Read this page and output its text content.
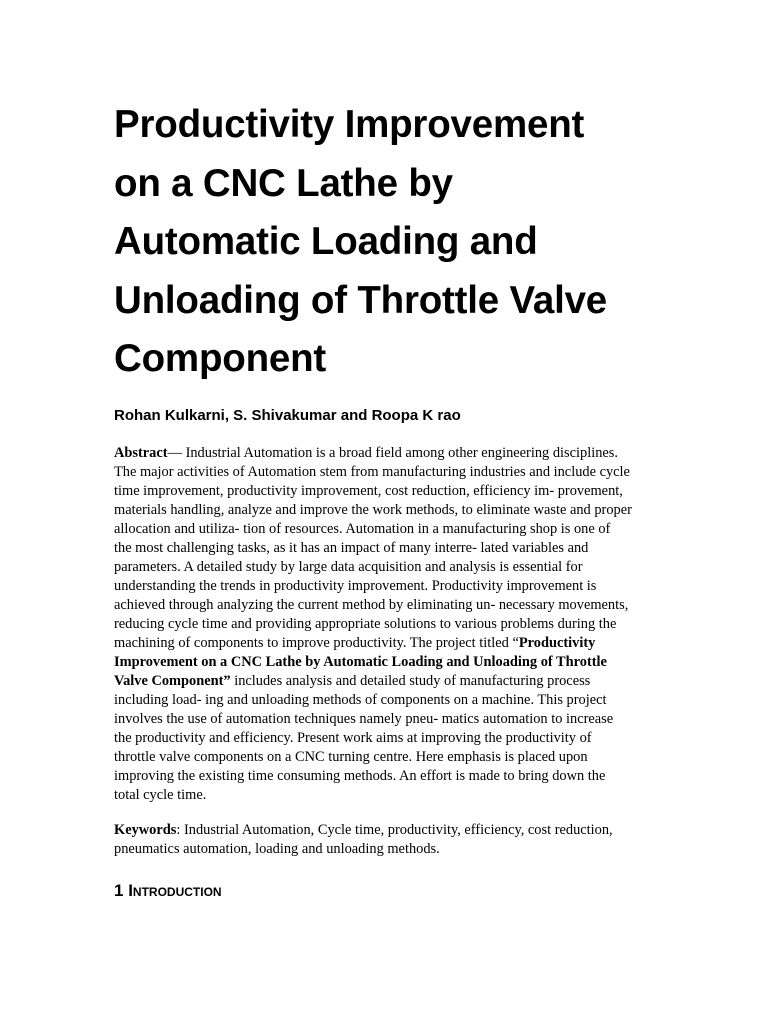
Productivity Improvement
on a CNC Lathe by
Automatic Loading and
Unloading of Throttle Valve
Component

Rohan Kulkarni, S. Shivakumar and Roopa K rao

Abstract— Industrial Automation is a broad field among other engineering disciplines.
The major activities of Automation stem from manufacturing industries and include cycle
time improvement, productivity improvement, cost reduction, efficiency im- provement,
materials handling, analyze and improve the work methods, to eliminate waste and proper
allocation and utiliza- tion of resources. Automation in a manufacturing shop is one of
the most challenging tasks, as it has an impact of many interre- lated variables and
parameters. A detailed study by large data acquisition and analysis is essential for
understanding the trends in productivity improvement. Productivity improvement is
achieved through analyzing the current method by eliminating un- necessary movements,
reducing cycle time and providing appropriate solutions to various problems during the
machining of components to improve productivity. The project titled “Productivity
Improvement on a CNC Lathe by Automatic Loading and Unloading of Throttle
Valve Component” includes analysis and detailed study of manufacturing process
including load- ing and unloading methods of components on a machine. This project
involves the use of automation techniques namely pneu- matics automation to increase
the productivity and efficiency. Present work aims at improving the productivity of
throttle valve components on a CNC turning centre. Here emphasis is placed upon
improving the existing time consuming methods. An effort is made to bring down the
total cycle time.
Keywords: Industrial Automation, Cycle time, productivity, efficiency, cost reduction,
pneumatics automation, loading and unloading methods.
1 Introduction
